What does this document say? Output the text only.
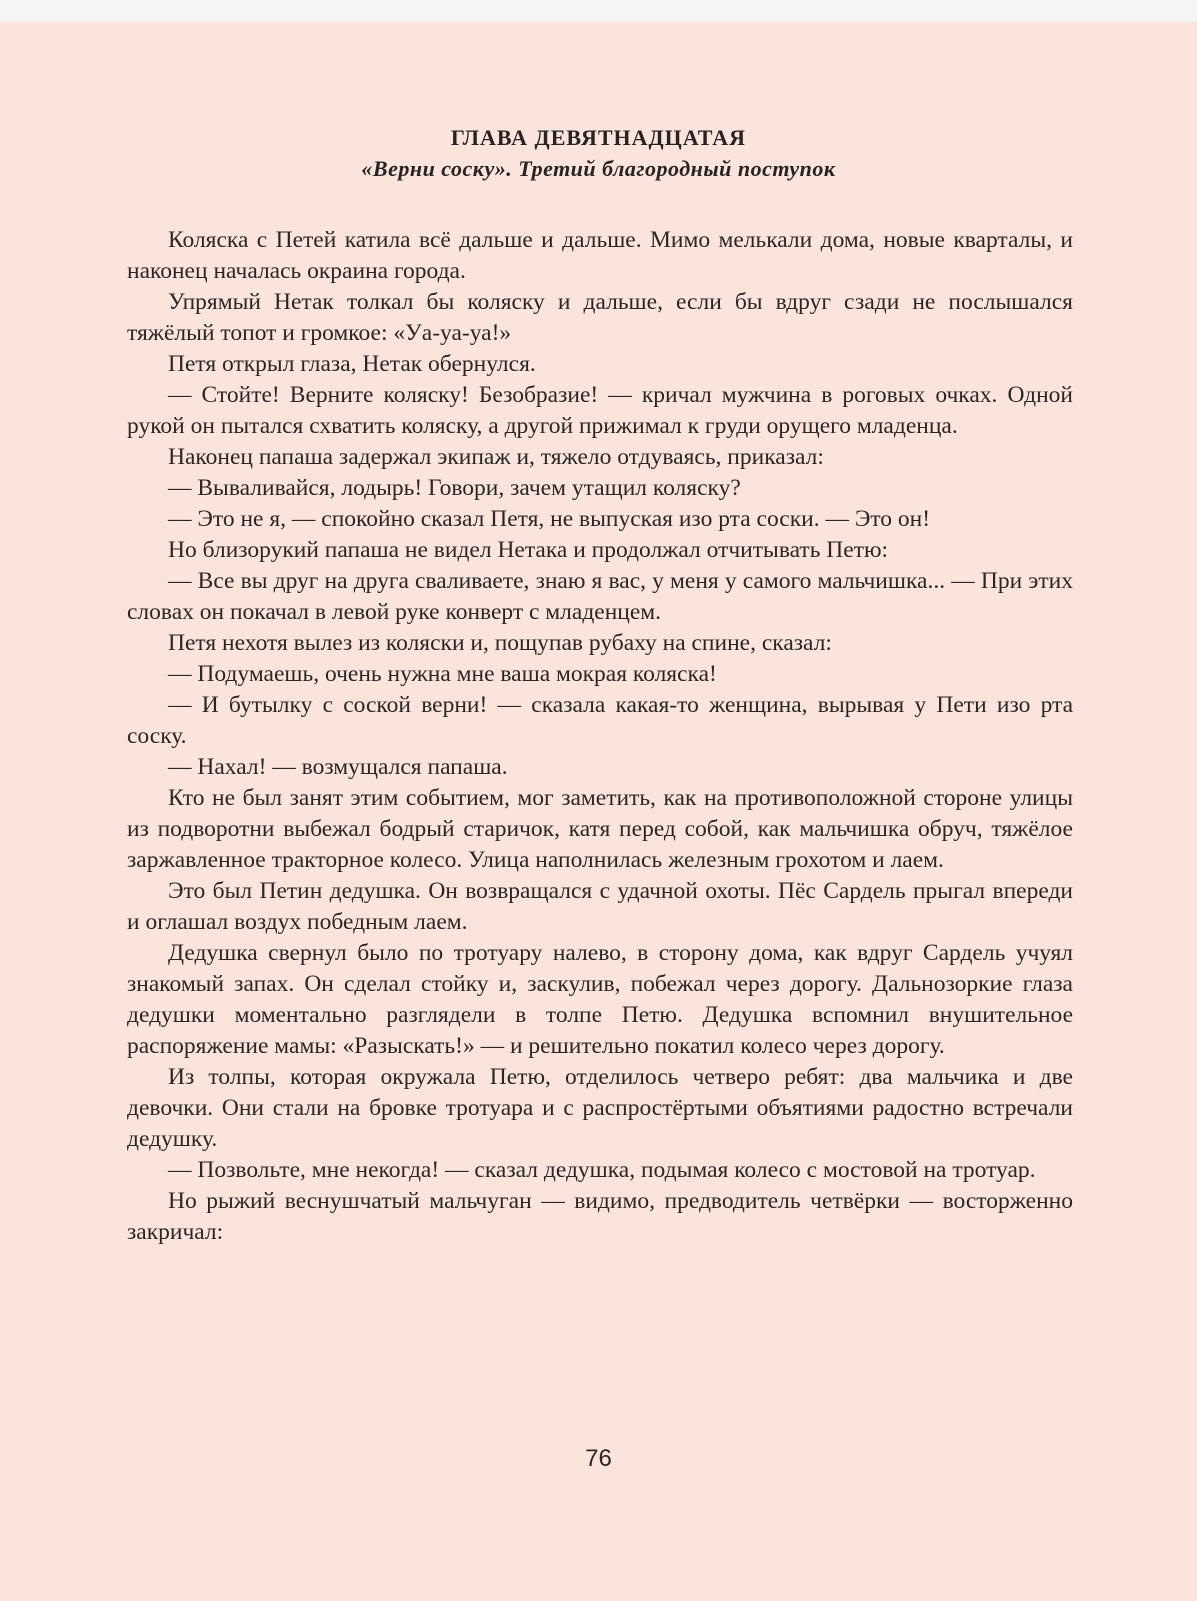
ГЛАВА ДЕВЯТНАДЦАТАЯ
«Верни соску». Третий благородный поступок

Коляска с Петей катила всё дальше и дальше. Мимо мелькали дома, новые кварталы, и наконец началась окраина города.

Упрямый Нетак толкал бы коляску и дальше, если бы вдруг сзади не послышался тяжёлый топот и громкое: «Уа-уа-уа!»

Петя открыл глаза, Нетак обернулся.

— Стойте! Верните коляску! Безобразие! — кричал мужчина в роговых очках. Одной рукой он пытался схватить коляску, а другой прижимал к груди орущего младенца.

Наконец папаша задержал экипаж и, тяжело отдуваясь, приказал:

— Вываливайся, лодырь! Говори, зачем утащил коляску?

— Это не я, — спокойно сказал Петя, не выпуская изо рта соски. — Это он!

Но близорукий папаша не видел Нетака и продолжал отчитывать Петю:

— Все вы друг на друга сваливаете, знаю я вас, у меня у самого мальчишка... — При этих словах он покачал в левой руке конверт с младенцем.

Петя нехотя вылез из коляски и, пощупав рубаху на спине, сказал:

— Подумаешь, очень нужна мне ваша мокрая коляска!

— И бутылку с соской верни! — сказала какая-то женщина, вырывая у Пети изо рта соску.

— Нахал! — возмущался папаша.

Кто не был занят этим событием, мог заметить, как на противоположной стороне улицы из подворотни выбежал бодрый старичок, катя перед собой, как мальчишка обруч, тяжёлое заржавленное тракторное колесо. Улица наполнилась железным грохотом и лаем.

Это был Петин дедушка. Он возвращался с удачной охоты. Пёс Сардель прыгал впереди и оглашал воздух победным лаем.

Дедушка свернул было по тротуару налево, в сторону дома, как вдруг Сардель учуял знакомый запах. Он сделал стойку и, заскулив, побежал через дорогу. Дальнозоркие глаза дедушки моментально разглядели в толпе Петю. Дедушка вспомнил внушительное распоряжение мамы: «Разыскать!» — и решительно покатил колесо через дорогу.

Из толпы, которая окружала Петю, отделилось четверо ребят: два мальчика и две девочки. Они стали на бровке тротуара и с распростёртыми объятиями радостно встречали дедушку.

— Позвольте, мне некогда! — сказал дедушка, подымая колесо с мостовой на тротуар.

Но рыжий веснушчатый мальчуган — видимо, предводитель четвёрки — восторженно закричал:

76
